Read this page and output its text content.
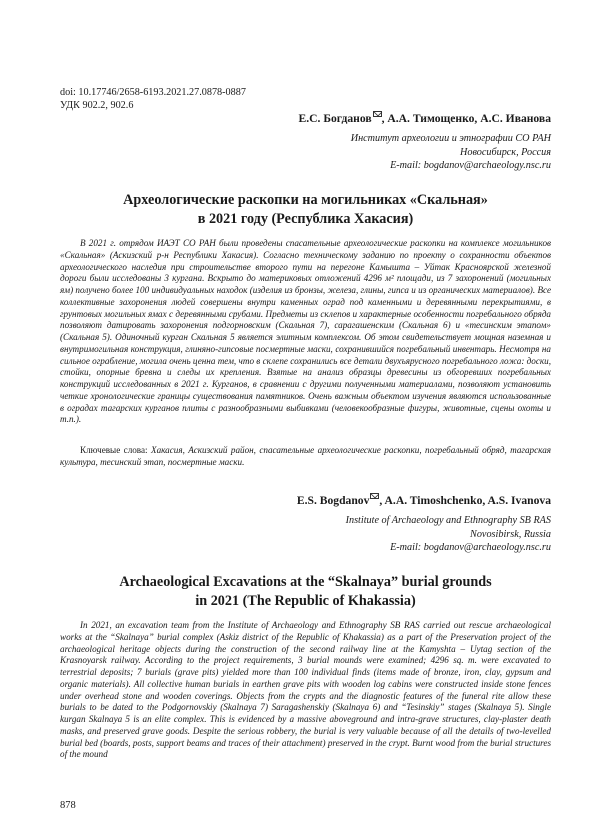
doi: 10.17746/2658-6193.2021.27.0878-0887
УДК 902.2, 902.6
Е.С. Богданов , А.А. Тимощенко, А.С. Иванова
Институт археологии и этнографии СО РАН
Новосибирск, Россия
E-mail: bogdanov@archaeology.nsc.ru
Археологические раскопки на могильниках «Скальная»
в 2021 году (Республика Хакасия)
В 2021 г. отрядом ИАЭТ СО РАН были проведены спасательные археологические раскопки на комплексе могильников «Скальная» (Аскизский р-н Республики Хакасия). Согласно техническому заданию по проекту о сохранности объектов археологического наследия при строительстве второго пути на перегоне Камышта – Уйтак Красноярской железной дороги были исследованы 3 кургана. Вскрыто до материковых отложений 4296 м² площади, из 7 захоронений (могильных ям) получено более 100 индивидуальных находок (изделия из бронзы, железа, глины, гипса и из органических материалов). Все коллективные захоронения людей совершены внутри каменных оград под каменными и деревянными перекрытиями, в грунтовых могильных ямах с деревянными срубами. Предметы из склепов и характерные особенности погребального обряда позволяют датировать захоронения подгорновским (Скальная 7), сарагашенским (Скальная 6) и «тесинским этапом» (Скальная 5). Одиночный курган Скальная 5 является элитным комплексом. Об этом свидетельствует мощная наземная и внутримогильная конструкция, глиняно-гипсовые посмертные маски, сохранившийся погребальный инвентарь. Несмотря на сильное ограбление, могила очень ценна тем, что в склепе сохранились все детали двухъярусного погребального ложа: доски, стойки, опорные бревна и следы их крепления. Взятые на анализ образцы древесины из обгоревших погребальных конструкций исследованных в 2021 г. Курганов, в сравнении с другими полученными материалами, позволяют установить четкие хронологические границы существования памятников. Очень важным объектом изучения являются использованные в оградах тагарских курганов плиты с разнообразными выбивками (человекообразные фигуры, животные, сцены охоты и т.п.).
Ключевые слова: Хакасия, Аскизский район, спасательные археологические раскопки, погребальный обряд, тагарская культура, тесинский этап, посмертные маски.
E.S. Bogdanov , A.A. Timoshchenko, A.S. Ivanova
Institute of Archaeology and Ethnography SB RAS
Novosibirsk, Russia
E-mail: bogdanov@archaeology.nsc.ru
Archaeological Excavations at the “Skalnaya” burial grounds
in 2021 (The Republic of Khakassia)
In 2021, an excavation team from the Institute of Archaeology and Ethnography SB RAS carried out rescue archaeological works at the “Skalnaya” burial complex (Askiz district of the Republic of Khakassia) as a part of the Preservation project of the archaeological heritage objects during the construction of the second railway line at the Kamyshta – Uytag section of the Krasnoyarsk railway. According to the project requirements, 3 burial mounds were examined; 4296 sq. m. were excavated to terrestrial deposits; 7 burials (grave pits) yielded more than 100 individual finds (items made of bronze, iron, clay, gypsum and organic materials). All collective human burials in earthen grave pits with wooden log cabins were constructed inside stone fences under overhead stone and wooden coverings. Objects from the crypts and the diagnostic features of the funeral rite allow these burials to be dated to the Podgornovskiy (Skalnaya 7) Saragashenskiy (Skalnaya 6) and “Tesinskiy” stages (Skalnaya 5). Single kurgan Skalnaya 5 is an elite complex. This is evidenced by a massive aboveground and intra-grave structures, clay-plaster death masks, and preserved grave goods. Despite the serious robbery, the burial is very valuable because of all the details of two-levelled burial bed (boards, posts, support beams and traces of their attachment) preserved in the crypt. Burnt wood from the burial structures of the mound
878
